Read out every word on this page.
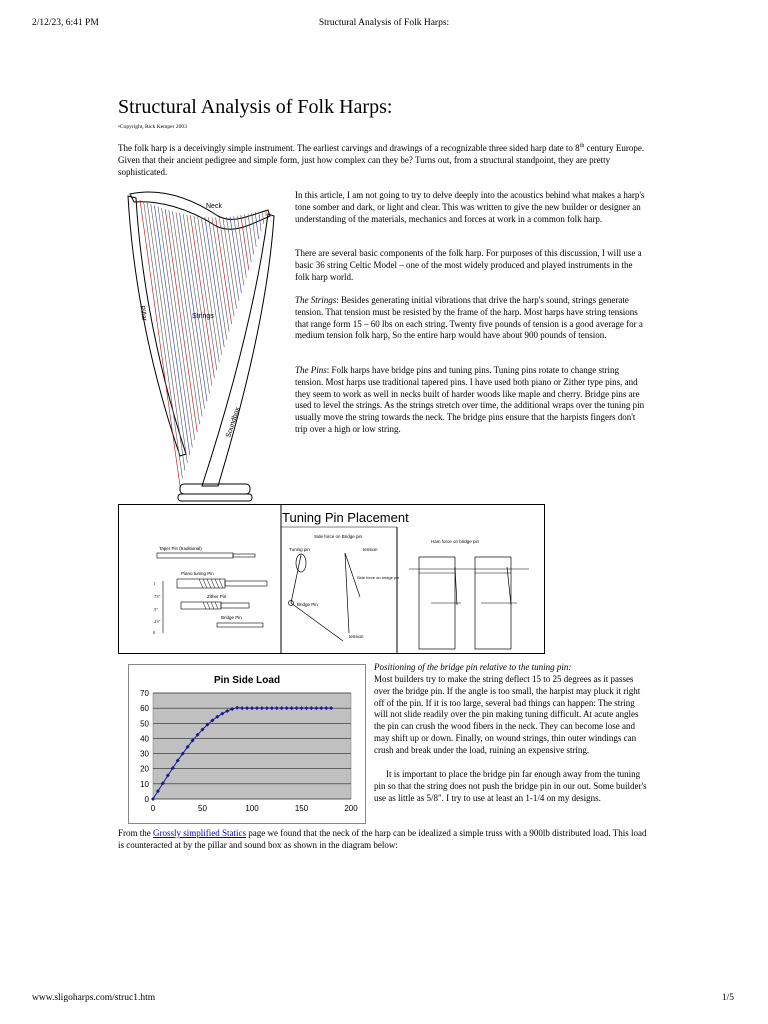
2/12/23, 6:41 PM	Structural Analysis of Folk Harps:
Structural Analysis of Folk Harps:
•Copyright, Rick Kemper 2003

The folk harp is a deceivingly simple instrument. The earliest carvings and drawings of a recognizable three sided harp date to 8th century Europe. Given that their ancient pedigree and simple form, just how complex can they be? Turns out, from a structural standpoint, they are pretty sophisticated.

Neck
Strings
Pillar
Soundbox

In this article, I am not going to try to delve deeply into the acoustics behind what makes a harp's tone somber and dark, or light and clear. This was written to give the new builder or designer an understanding of the materials, mechanics and forces at work in a common folk harp.

There are several basic components of the folk harp. For purposes of this discussion, I will use a basic 36 string Celtic Model – one of the most widely produced and played instruments in the folk harp world.

The Strings: Besides generating initial vibrations that drive the harp's sound, strings generate tension. That tension must be resisted by the frame of the harp. Most harps have string tensions that range form 15 – 60 lbs on each string. Twenty five pounds of tension is a good average for a medium tension folk harp, So the entire harp would have about 900 pounds of tension.

The Pins: Folk harps have bridge pins and tuning pins. Tuning pins rotate to change string tension. Most harps use traditional tapered pins. I have used both piano or Zither type pins, and they seem to work as well in necks built of harder woods like maple and cherry. Bridge pins are used to level the strings. As the strings stretch over time, the additional wraps over the tuning pin usually move the string towards the neck. The bridge pins ensure that the harpists fingers don't trip over a high or low string.

Tuning Pin Placement
Taper Pin (traditional)
Piano tuning Pin
Zither Pin
Bridge Pin
1
.75"
.5"
.25"
0
Side force on Bridge pin
Tuning pin
Bridge Pin
tension
Side force on bridge pin
tension
Ham force on bridge pin
Pin Side Load
0
10
20
30
40
50
60
70
0	50	100	150	200

Positioning of the bridge pin relative to the tuning pin:

Most builders try to make the string deflect 15 to 25 degrees as it passes over the bridge pin. If the angle is too small, the harpist may pluck it right off of the pin. If it is too large, several bad things can happen: The string will not slide readily over the pin making tuning difficult. At acute angles the pin can crush the wood fibers in the neck. They can become lose and may shift up or down. Finally, on wound strings, thin outer windings can crush and break under the load, ruining an expensive string.

It is important to place the bridge pin far enough away from the tuning pin so that the string does not push the bridge pin in our out. Some builder's use as little as 5/8". I try to use at least an 1-1/4 on my designs.

From the Grossly simplified Statics page we found that the neck of the harp can be idealized a simple truss with a 900lb distributed load. This load is counteracted at by the pillar and sound box as shown in the diagram below:

www.sligoharps.com/struc1.htm	1/5
